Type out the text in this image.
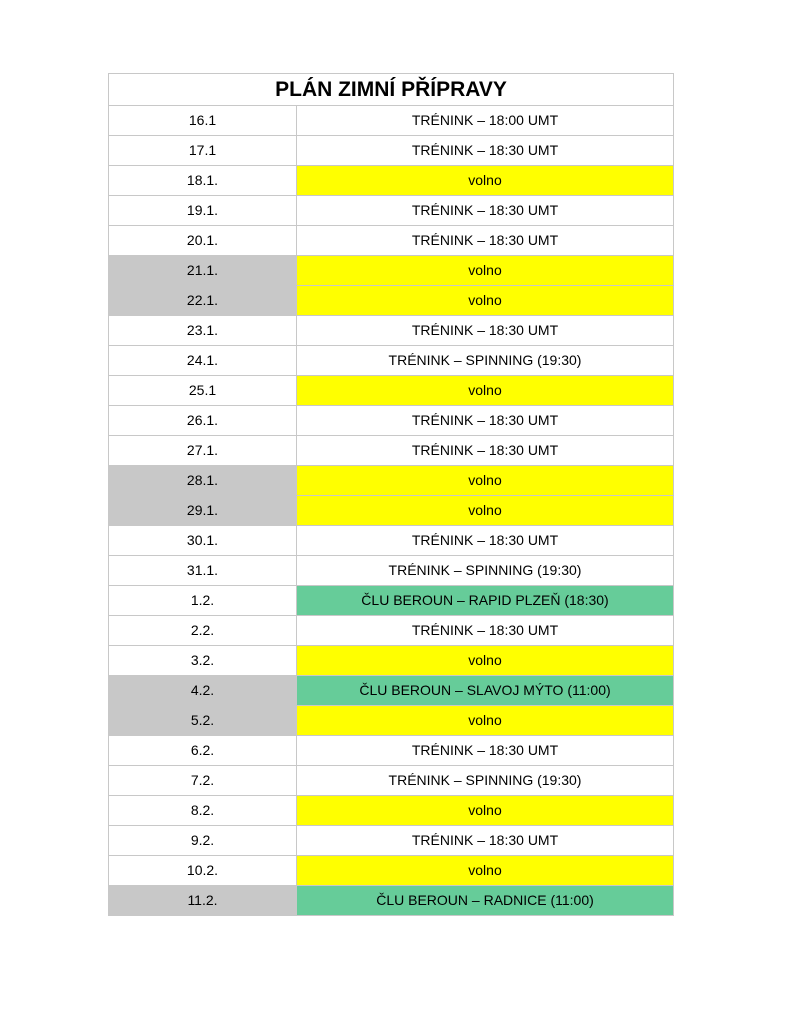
PLÁN ZIMNÍ PŘÍPRAVY	
16.1	TRÉNINK – 18:00 UMT
17.1	TRÉNINK – 18:30 UMT
18.1.	volno
19.1.	TRÉNINK – 18:30 UMT
20.1.	TRÉNINK – 18:30 UMT
21.1.	volno
22.1.	volno
23.1.	TRÉNINK – 18:30 UMT
24.1.	TRÉNINK – SPINNING (19:30)
25.1	volno
26.1.	TRÉNINK – 18:30 UMT
27.1.	TRÉNINK – 18:30 UMT
28.1.	volno
29.1.	volno
30.1.	TRÉNINK – 18:30 UMT
31.1.	TRÉNINK – SPINNING (19:30)
1.2.	ČLU BEROUN – RAPID PLZEŇ (18:30)
2.2.	TRÉNINK – 18:30 UMT
3.2.	volno
4.2.	ČLU BEROUN – SLAVOJ MÝTO (11:00)
5.2.	volno
6.2.	TRÉNINK – 18:30 UMT
7.2.	TRÉNINK – SPINNING (19:30)
8.2.	volno
9.2.	TRÉNINK – 18:30 UMT
10.2.	volno
11.2.	ČLU BEROUN – RADNICE (11:00)
